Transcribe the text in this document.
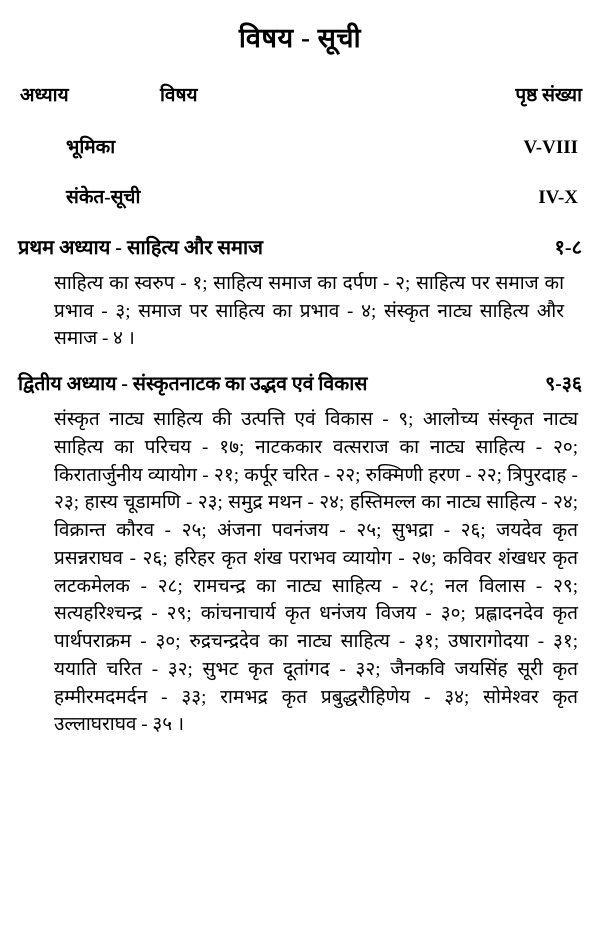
विषय - सूची
अध्याय	विषय	पृष्ठ संख्या
भूमिका	V-VIII
संकेत-सूची	IV-X
प्रथम अध्याय - साहित्य और समाज	१-८
साहित्य का स्वरुप - १; साहित्य समाज का दर्पण - २; साहित्य पर समाज का प्रभाव - ३; समाज पर साहित्य का प्रभाव - ४; संस्कृत नाट्य साहित्य और समाज - ४ ।
द्वितीय अध्याय - संस्कृतनाटक का उद्भव एवं विकास	९-३६
संस्कृत नाट्य साहित्य की उत्पत्ति एवं विकास - ९; आलोच्य संस्कृत नाट्य साहित्य का परिचय - १७; नाटककार वत्सराज का नाट्य साहित्य - २०; किरातार्जुनीय व्यायोग - २१; कर्पूर चरित - २२; रुक्मिणी हरण - २२; त्रिपुरदाह - २३; हास्य चूडामणि - २३; समुद्र मथन - २४; हस्तिमल्ल का नाट्य साहित्य - २४; विक्रान्त कौरव - २५; अंजना पवनंजय - २५; सुभद्रा - २६; जयदेव कृत प्रसन्नराघव - २६; हरिहर कृत शंख पराभव व्यायोग - २७; कविवर शंखधर कृत लटकमेलक - २८; रामचन्द्र का नाट्य साहित्य - २८; नल विलास - २९; सत्यहरिश्चन्द्र - २९; कांचनाचार्य कृत धनंजय विजय - ३०; प्रह्लादनदेव कृत पार्थपराक्रम - ३०; रुद्रचन्द्रदेव का नाट्य साहित्य - ३१; उषारागोदया - ३१; ययाति चरित - ३२; सुभट कृत दूतांगद - ३२; जैनकवि जयसिंह सूरी कृत हम्मीरमदमर्दन - ३३; रामभद्र कृत प्रबुद्धरौहिणेय - ३४; सोमेश्वर कृत उल्लाघराघव - ३५ ।
